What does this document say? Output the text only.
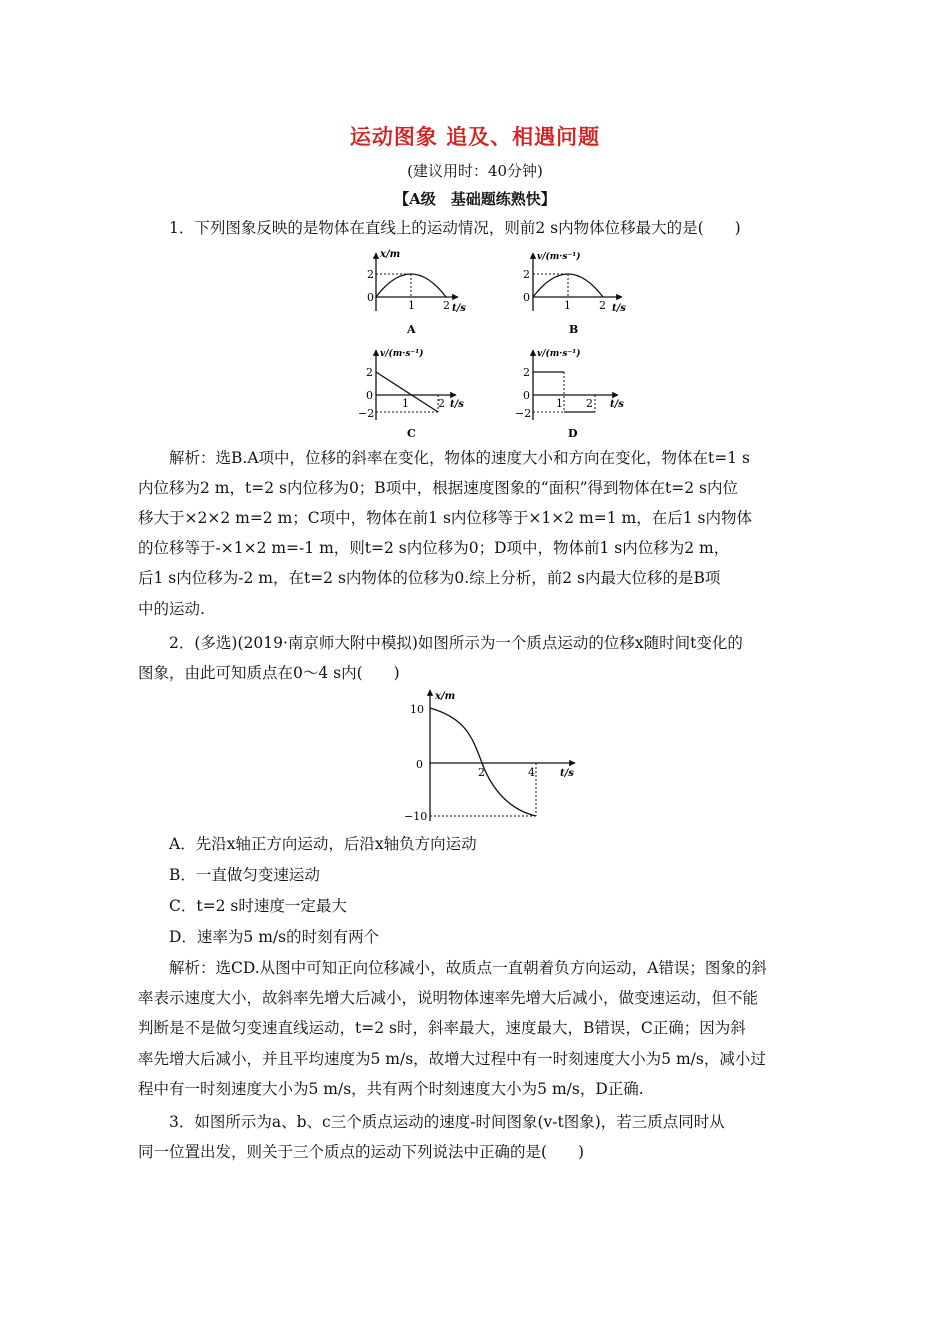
运动图象 追及、相遇问题
(建议用时：40分钟)
【A级　基础题练熟快】
1．下列图象反映的是物体在直线上的运动情况，则前2 s内物体位移最大的是(　　)
x/m
2
0
1	2 t/s
A
v/(m·s⁻¹)
2
0
1	2 t/s
B
v/(m·s⁻¹)
2
0
−2
1	2 t/s
C
v/(m·s⁻¹)
2
0
−2
1 2 t/s
D
解析：选B.A项中，位移的斜率在变化，物体的速度大小和方向在变化，物体在t=1 s
内位移为2 m，t=2 s内位移为0；B项中，根据速度图象的“面积”得到物体在t=2 s内位
移大于×2×2 m=2 m；C项中，物体在前1 s内位移等于×1×2 m=1 m，在后1 s内物体
的位移等于-×1×2 m=-1 m，则t=2 s内位移为0；D项中，物体前1 s内位移为2 m，
后1 s内位移为-2 m，在t=2 s内物体的位移为0.综上分析，前2 s内最大位移的是B项
中的运动.
2．(多选)(2019·南京师大附中模拟)如图所示为一个质点运动的位移x随时间t变化的
图象，由此可知质点在0～4 s内(　　)
x/m
10
0
−10
2	4	t/s
A．先沿x轴正方向运动，后沿x轴负方向运动
B．一直做匀变速运动
C．t=2 s时速度一定最大
D．速率为5 m/s的时刻有两个
解析：选CD.从图中可知正向位移减小，故质点一直朝着负方向运动，A错误；图象的斜
率表示速度大小，故斜率先增大后减小，说明物体速率先增大后减小，做变速运动，但不能
判断是不是做匀变速直线运动，t=2 s时，斜率最大，速度最大，B错误，C正确；因为斜
率先增大后减小，并且平均速度为5 m/s，故增大过程中有一时刻速度大小为5 m/s，减小过
程中有一时刻速度大小为5 m/s，共有两个时刻速度大小为5 m/s，D正确.
3．如图所示为a、b、c三个质点运动的速度-时间图象(v-t图象)，若三质点同时从
同一位置出发，则关于三个质点的运动下列说法中正确的是(　　)
